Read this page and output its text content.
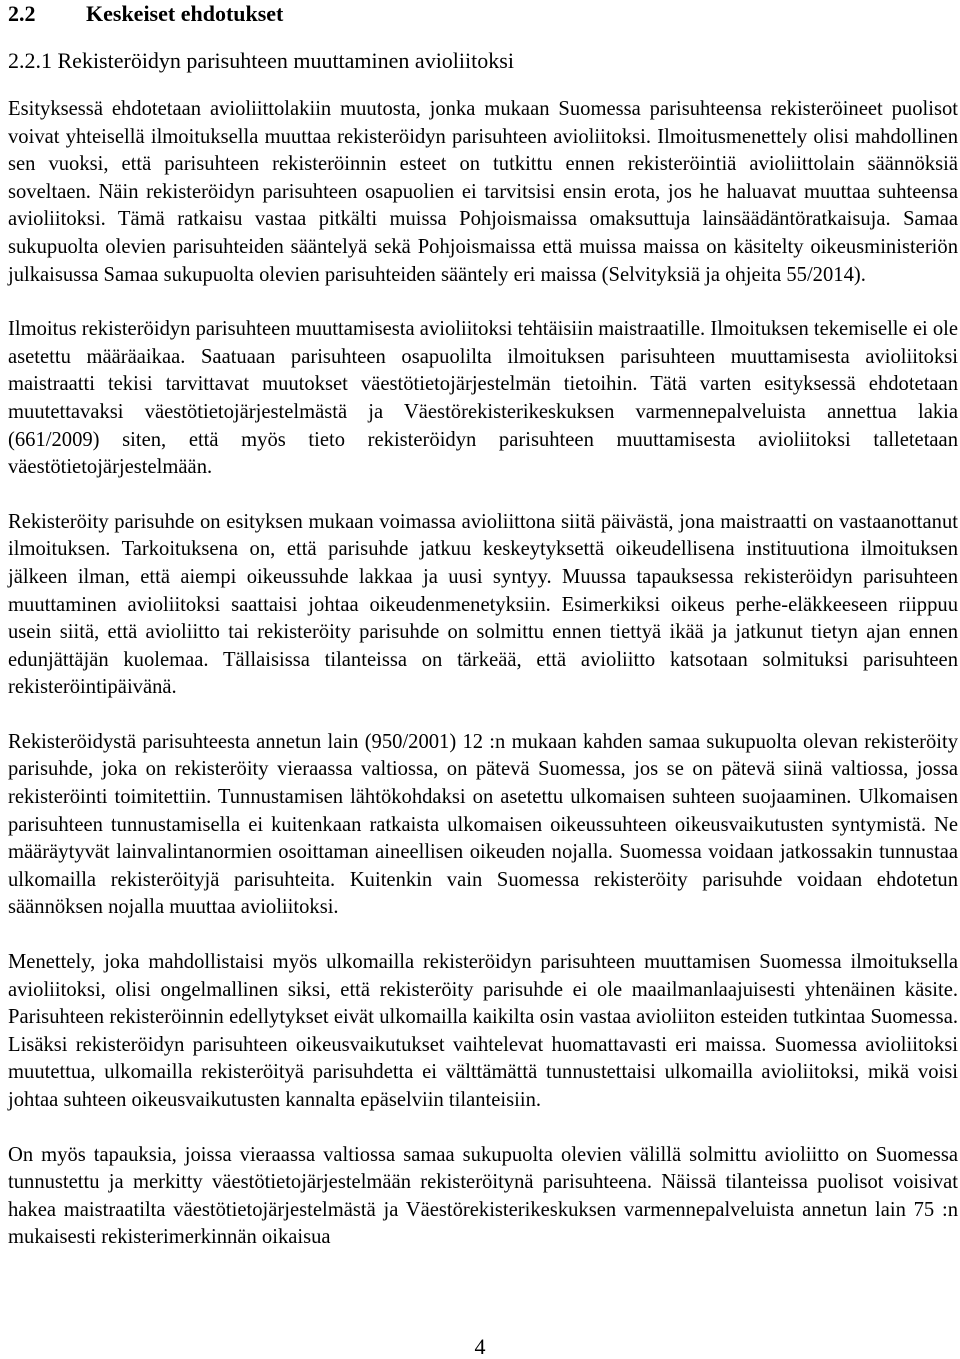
2.2 Keskeiset ehdotukset
2.2.1 Rekisteröidyn parisuhteen muuttaminen avioliitoksi

Esityksessä ehdotetaan avioliittolakiin muutosta, jonka mukaan Suomessa parisuhteensa rekisteröineet puolisot voivat yhteisellä ilmoituksella muuttaa rekisteröidyn parisuhteen avioliitoksi. Ilmoitusmenettely olisi mahdollinen sen vuoksi, että parisuhteen rekisteröinnin esteet on tutkittu ennen rekisteröintiä avioliittolain säännöksiä soveltaen. Näin rekisteröidyn parisuhteen osapuolien ei tarvitsisi ensin erota, jos he haluavat muuttaa suhteensa avioliitoksi. Tämä ratkaisu vastaa pitkälti muissa Pohjoismaissa omaksuttuja lainsäädäntöratkaisuja. Samaa sukupuolta olevien parisuhteiden sääntelyä sekä Pohjoismaissa että muissa maissa on käsitelty oikeusministeriön julkaisussa Samaa sukupuolta olevien parisuhteiden sääntely eri maissa (Selvityksiä ja ohjeita 55/2014).

Ilmoitus rekisteröidyn parisuhteen muuttamisesta avioliitoksi tehtäisiin maistraatille. Ilmoituksen tekemiselle ei ole asetettu määräaikaa. Saatuaan parisuhteen osapuolilta ilmoituksen parisuhteen muuttamisesta avioliitoksi maistraatti tekisi tarvittavat muutokset väestötietojärjestelmän tietoihin. Tätä varten esityksessä ehdotetaan muutettavaksi väestötietojärjestelmästä ja Väestörekisterikeskuksen varmennepalveluista annettua lakia (661/2009) siten, että myös tieto rekisteröidyn parisuhteen muuttamisesta avioliitoksi talletetaan väestötietojärjestelmään.

Rekisteröity parisuhde on esityksen mukaan voimassa avioliittona siitä päivästä, jona maistraatti on vastaanottanut ilmoituksen. Tarkoituksena on, että parisuhde jatkuu keskeytyksettä oikeudellisena instituutiona ilmoituksen jälkeen ilman, että aiempi oikeussuhde lakkaa ja uusi syntyy. Muussa tapauksessa rekisteröidyn parisuhteen muuttaminen avioliitoksi saattaisi johtaa oikeudenmenetyksiin. Esimerkiksi oikeus perhe-eläkkeeseen riippuu usein siitä, että avioliitto tai rekisteröity parisuhde on solmittu ennen tiettyä ikää ja jatkunut tietyn ajan ennen edunjättäjän kuolemaa. Tällaisissa tilanteissa on tärkeää, että avioliitto katsotaan solmituksi parisuhteen rekisteröintipäivänä.

Rekisteröidystä parisuhteesta annetun lain (950/2001) 12 :n mukaan kahden samaa sukupuolta olevan rekisteröity parisuhde, joka on rekisteröity vieraassa valtiossa, on pätevä Suomessa, jos se on pätevä siinä valtiossa, jossa rekisteröinti toimitettiin. Tunnustamisen lähtökohdaksi on asetettu ulkomaisen suhteen suojaaminen. Ulkomaisen parisuhteen tunnustamisella ei kuitenkaan ratkaista ulkomaisen oikeussuhteen oikeusvaikutusten syntymistä. Ne määräytyvät lainvalintanormien osoittaman aineellisen oikeuden nojalla. Suomessa voidaan jatkossakin tunnustaa ulkomailla rekisteröityjä parisuhteita. Kuitenkin vain Suomessa rekisteröity parisuhde voidaan ehdotetun säännöksen nojalla muuttaa avioliitoksi.

Menettely, joka mahdollistaisi myös ulkomailla rekisteröidyn parisuhteen muuttamisen Suomessa ilmoituksella avioliitoksi, olisi ongelmallinen siksi, että rekisteröity parisuhde ei ole maailmanlaajuisesti yhtenäinen käsite. Parisuhteen rekisteröinnin edellytykset eivät ulkomailla kaikilta osin vastaa avioliiton esteiden tutkintaa Suomessa. Lisäksi rekisteröidyn parisuhteen oikeusvaikutukset vaihtelevat huomattavasti eri maissa. Suomessa avioliitoksi muutettua, ulkomailla rekisteröityä parisuhdetta ei välttämättä tunnustettaisi ulkomailla avioliitoksi, mikä voisi johtaa suhteen oikeusvaikutusten kannalta epäselviin tilanteisiin.

On myös tapauksia, joissa vieraassa valtiossa samaa sukupuolta olevien välillä solmittu avioliitto on Suomessa tunnustettu ja merkitty väestötietojärjestelmään rekisteröitynä parisuhteena. Näissä tilanteissa puolisot voisivat hakea maistraatilta väestötietojärjestelmästä ja Väestörekisterikeskuksen varmennepalveluista annetun lain 75 :n mukaisesti rekisterimerkinnän oikaisua

4
